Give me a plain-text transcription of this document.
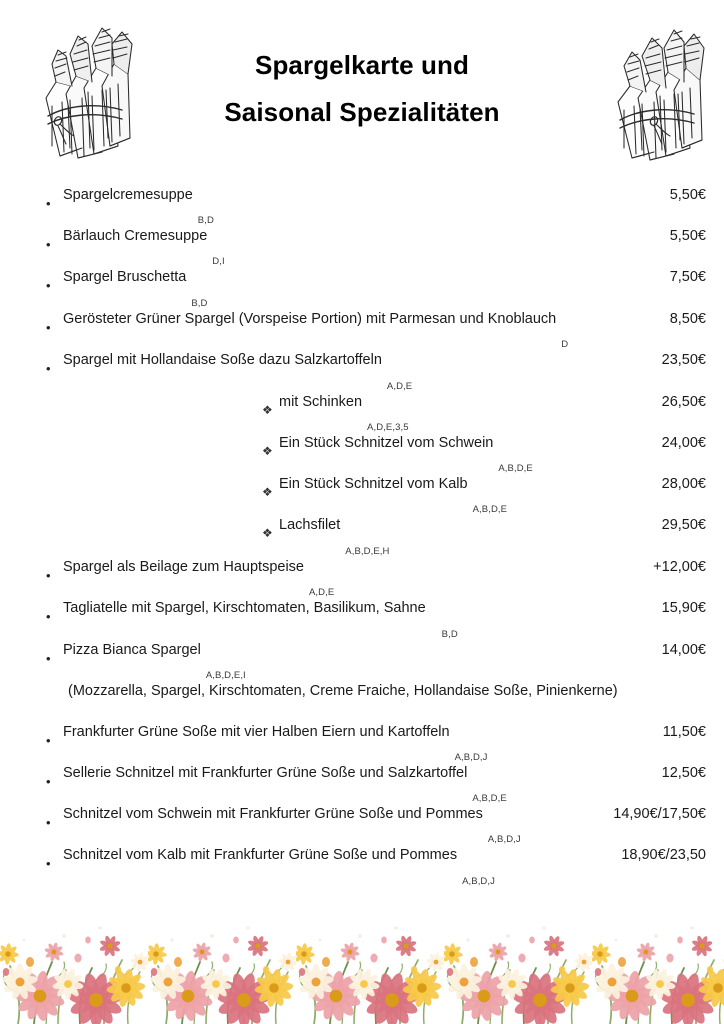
Spargelkarte und
Saisonal Spezialitäten
•
Spargelcremesuppe
B,D
5,50€
•
Bärlauch Cremesuppe
D,I
5,50€
•
Spargel Bruschetta
B,D
7,50€
•
Gerösteter Grüner Spargel (Vorspeise Portion) mit Parmesan und Knoblauch
D
8,50€
•
Spargel mit Hollandaise Soße dazu Salzkartoffeln
A,D,E
23,50€
❖ mit Schinken
A,D,E,3,5
26,50€
❖ Ein Stück Schnitzel vom Schwein
A,B,D,E
24,00€
❖ Ein Stück Schnitzel vom Kalb
A,B,D,E
28,00€
❖ Lachsfilet
A,B,D,E,H
29,50€
•
Spargel als Beilage zum Hauptspeise
A,D,E
+12,00€
•
Tagliatelle mit Spargel, Kirschtomaten, Basilikum, Sahne
B,D
15,90€
•
Pizza Bianca Spargel
A,B,D,E,I
14,00€
(Mozzarella, Spargel, Kirschtomaten, Creme Fraiche, Hollandaise Soße, Pinienkerne)
•
Frankfurter Grüne Soße mit vier Halben Eiern und Kartoffeln
A,B,D,J
11,50€
•
Sellerie Schnitzel mit Frankfurter Grüne Soße und Salzkartoffel
A,B,D,E
12,50€
•
Schnitzel vom Schwein mit Frankfurter Grüne Soße und Pommes
A,B,D,J
14,90€/17,50€
•
Schnitzel vom Kalb mit Frankfurter Grüne Soße und Pommes
A,B,D,J
18,90€/23,50
